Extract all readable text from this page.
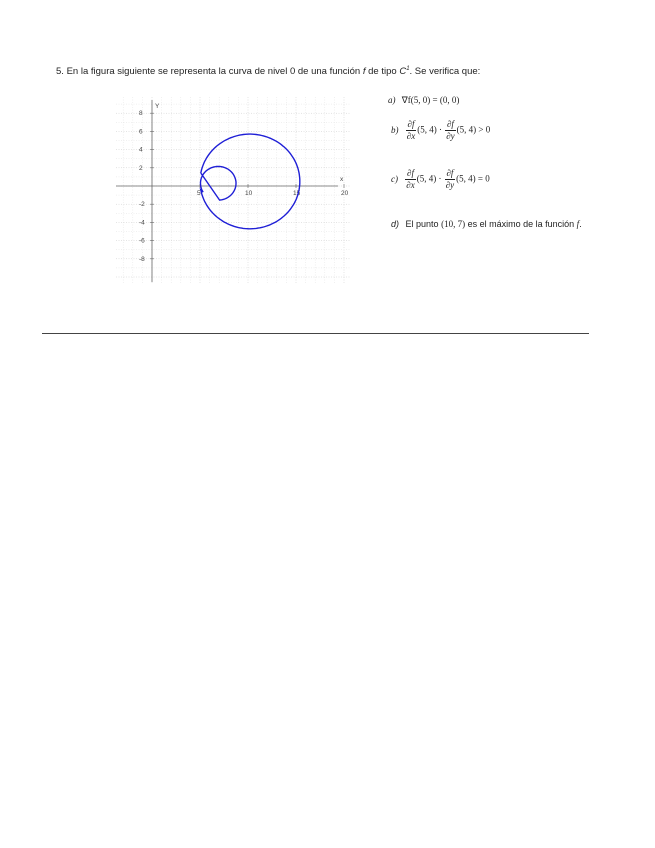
5. En la figura siguiente se representa la curva de nivel 0 de una función f de tipo $C^1$. Se verifica que:
8
6
4
2
-2
-4
-6
-8
5	10	15	20
Y
x
a) ∇f(5, 0) = (0, 0)
$b) \frac{\partial f}{\partial x} (5$, $4) \cdot \frac{\partial f}{\partial y} (5$, 4) > 0
$c) \frac{\partial f}{\partial x} (5$, $4) \cdot \frac{\partial f}{\partial y} (5$, 4) = 0
d) El punto (10, 7) es el máximo de la función f.
